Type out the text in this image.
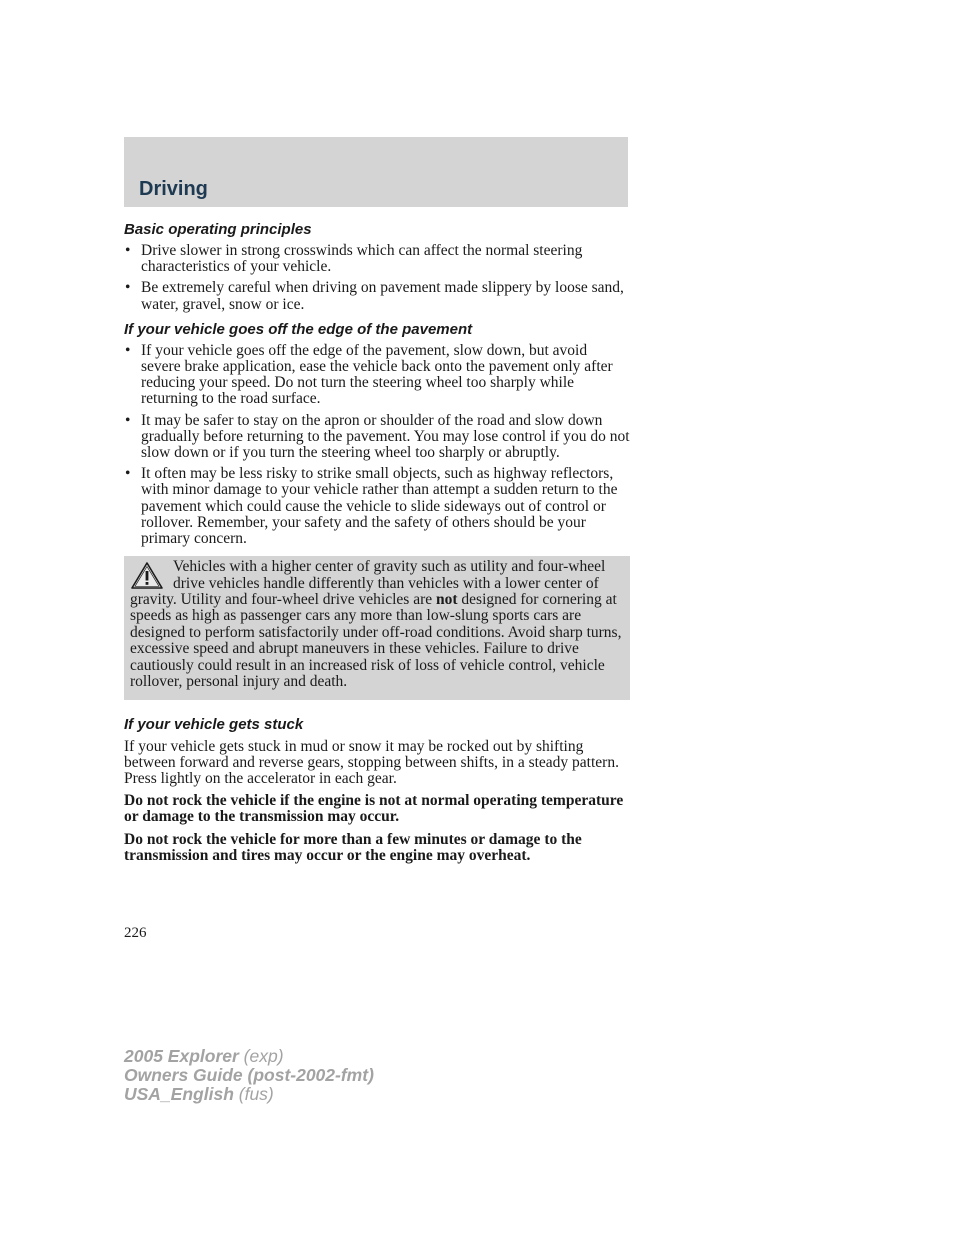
Driving
Basic operating principles
• Drive slower in strong crosswinds which can affect the normal steering characteristics of your vehicle.
• Be extremely careful when driving on pavement made slippery by loose sand, water, gravel, snow or ice.
If your vehicle goes off the edge of the pavement
• If your vehicle goes off the edge of the pavement, slow down, but avoid severe brake application, ease the vehicle back onto the pavement only after reducing your speed. Do not turn the steering wheel too sharply while returning to the road surface.
• It may be safer to stay on the apron or shoulder of the road and slow down gradually before returning to the pavement. You may lose control if you do not slow down or if you turn the steering wheel too sharply or abruptly.
• It often may be less risky to strike small objects, such as highway reflectors, with minor damage to your vehicle rather than attempt a sudden return to the pavement which could cause the vehicle to slide sideways out of control or rollover. Remember, your safety and the safety of others should be your primary concern.
Vehicles with a higher center of gravity such as utility and four-wheel drive vehicles handle differently than vehicles with a lower center of gravity. Utility and four-wheel drive vehicles are not designed for cornering at speeds as high as passenger cars any more than low-slung sports cars are designed to perform satisfactorily under off-road conditions. Avoid sharp turns, excessive speed and abrupt maneuvers in these vehicles. Failure to drive cautiously could result in an increased risk of loss of vehicle control, vehicle rollover, personal injury and death.
If your vehicle gets stuck

If your vehicle gets stuck in mud or snow it may be rocked out by shifting between forward and reverse gears, stopping between shifts, in a steady pattern. Press lightly on the accelerator in each gear.

Do not rock the vehicle if the engine is not at normal operating temperature or damage to the transmission may occur.

Do not rock the vehicle for more than a few minutes or damage to the transmission and tires may occur or the engine may overheat.

226
2005 Explorer (exp)
Owners Guide (post-2002-fmt)
USA_English (fus)
